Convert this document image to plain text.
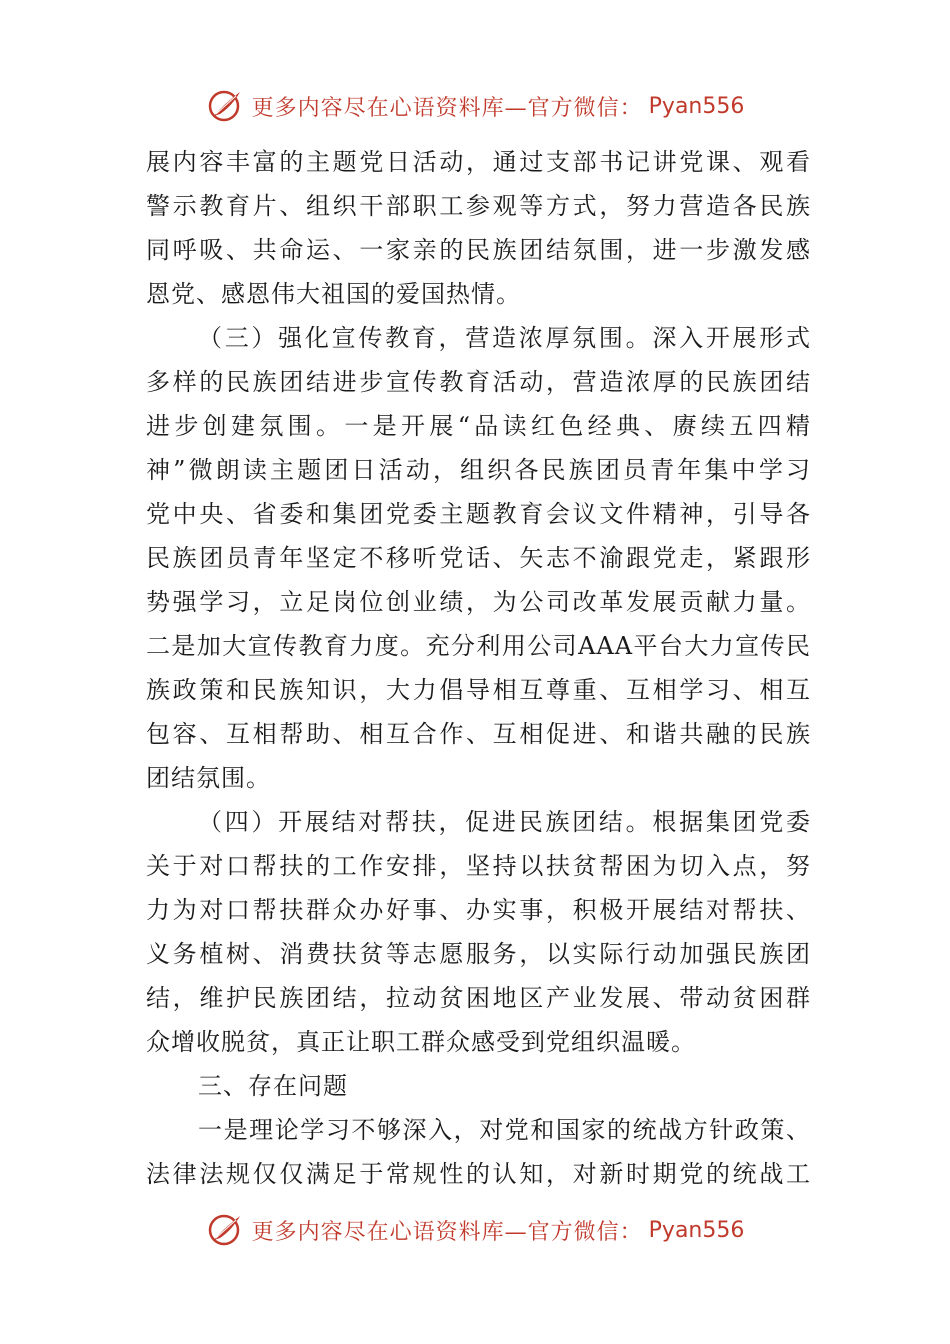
更多内容尽在心语资料库—官方微信： Pyan556
展内容丰富的主题党日活动，通过支部书记讲党课、观看
警示教育片、组织干部职工参观等方式，努力营造各民族
同呼吸、共命运、一家亲的民族团结氛围，进一步激发感
恩党、感恩伟大祖国的爱国热情。
（三）强化宣传教育，营造浓厚氛围。深入开展形式
多样的民族团结进步宣传教育活动，营造浓厚的民族团结
进步创建氛围。一是开展“品读红色经典、赓续五四精
神”微朗读主题团日活动，组织各民族团员青年集中学习
党中央、省委和集团党委主题教育会议文件精神，引导各
民族团员青年坚定不移听党话、矢志不渝跟党走，紧跟形
势强学习，立足岗位创业绩，为公司改革发展贡献力量。
二是加大宣传教育力度。充分利用公司AAA平台大力宣传民
族政策和民族知识，大力倡导相互尊重、互相学习、相互
包容、互相帮助、相互合作、互相促进、和谐共融的民族
团结氛围。
（四）开展结对帮扶，促进民族团结。根据集团党委
关于对口帮扶的工作安排，坚持以扶贫帮困为切入点，努
力为对口帮扶群众办好事、办实事，积极开展结对帮扶、
义务植树、消费扶贫等志愿服务，以实际行动加强民族团
结，维护民族团结，拉动贫困地区产业发展、带动贫困群
众增收脱贫，真正让职工群众感受到党组织温暖。
三、存在问题
一是理论学习不够深入，对党和国家的统战方针政策、
法律法规仅仅满足于常规性的认知，对新时期党的统战工
更多内容尽在心语资料库—官方微信： Pyan556
